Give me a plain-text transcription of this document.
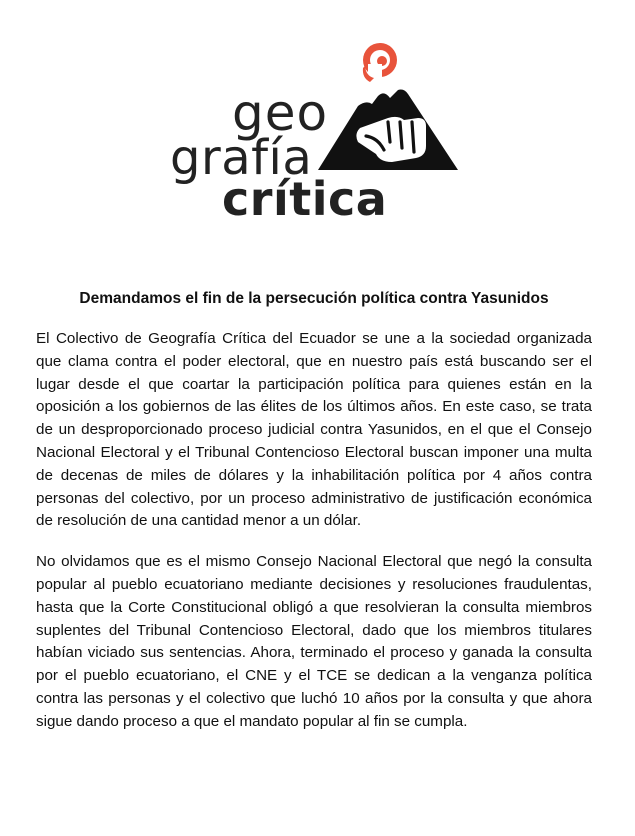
geo
grafía
crítica
Demandamos el fin de la persecución política contra Yasunidos

El Colectivo de Geografía Crítica del Ecuador se une a la sociedad organizada que clama contra el poder electoral, que en nuestro país está buscando ser el lugar desde el que coartar la participación política para quienes están en la oposición a los gobiernos de las élites de los últimos años. En este caso, se trata de un desproporcionado proceso judicial contra Yasunidos, en el que el Consejo Nacional Electoral y el Tribunal Contencioso Electoral buscan imponer una multa de decenas de miles de dólares y la inhabilitación política por 4 años contra personas del colectivo, por un proceso administrativo de justificación económica de resolución de una cantidad menor a un dólar.

No olvidamos que es el mismo Consejo Nacional Electoral que negó la consulta popular al pueblo ecuatoriano mediante decisiones y resoluciones fraudulentas, hasta que la Corte Constitucional obligó a que resolvieran la consulta miembros suplentes del Tribunal Contencioso Electoral, dado que los miembros titulares habían viciado sus sentencias. Ahora, terminado el proceso y ganada la consulta por el pueblo ecuatoriano, el CNE y el TCE se dedican a la venganza política contra las personas y el colectivo que luchó 10 años por la consulta y que ahora sigue dando proceso a que el mandato popular al fin se cumpla.
